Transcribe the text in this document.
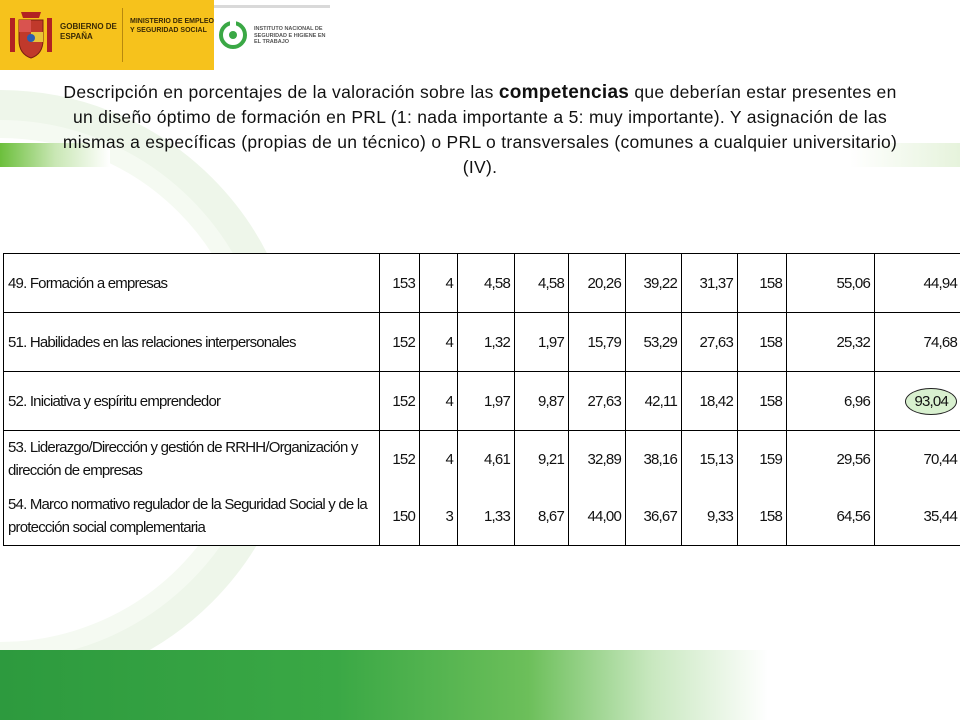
GOBIERNO DE ESPAÑA
MINISTERIO DE EMPLEO Y SEGURIDAD SOCIAL	INSTITUTO NACIONAL DE SEGURIDAD E HIGIENE EN EL TRABAJO
Descripción en porcentajes de la valoración sobre las competencias que deberían estar presentes en un diseño óptimo de formación en PRL (1: nada importante a 5: muy importante). Y asignación de las mismas a específicas (propias de un técnico) o PRL o transversales (comunes a cualquier universitario) (IV).
49. Formación a empresas	153	4	4,58	4,58	20,26	39,22	31,37	158	55,06	44,94
51. Habilidades en las relaciones interpersonales	152	4	1,32	1,97	15,79	53,29	27,63	158	25,32	74,68
52. Iniciativa y espíritu emprendedor	152	4	1,97	9,87	27,63	42,11	18,42	158	6,96	93,04
53. Liderazgo/Dirección y gestión de RRHH/Organización y dirección de empresas	152	4	4,61	9,21	32,89	38,16	15,13	159	29,56	70,44
54. Marco normativo regulador de la Seguridad Social y de la protección social complementaria	150	3	1,33	8,67	44,00	36,67	9,33	158	64,56	35,44
